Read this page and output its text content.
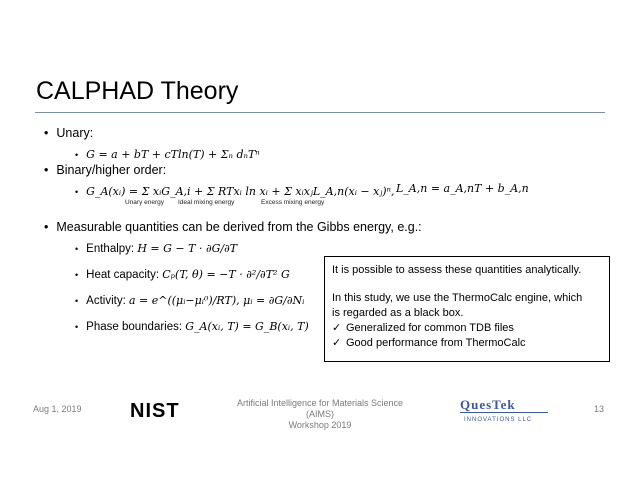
CALPHAD Theory
• Unary:
• G = a + bT + cTln(T) + Σₙ dₙTⁿ
• Binary/higher order:
• G_A(xᵢ) = Σ xᵢG_A,i + Σ RTxᵢ ln xᵢ + Σ xᵢxⱼL_A,n(xᵢ − xⱼ)ⁿ, L_A,n = a_A,nT + b_A,n
Unary energy Ideal mixing energy	Excess mixing energy
• Measurable quantities can be derived from the Gibbs energy, e.g.:
• Enthalpy: H = G − T · ∂G/∂T
• Heat capacity: Cₚ(T, θ) = −T · ∂²/∂T² G
• Activity: a = e^((μᵢ−μᵢ⁰)/RT), μᵢ = ∂G/∂Nᵢ
• Phase boundaries: G_A(xᵢ, T) = G_B(xᵢ, T)
It is possible to assess these quantities analytically.
In this study, we use the ThermoCalc engine, which
is regarded as a black box.
✓ Generalized for common TDB files
✓ Good performance from ThermoCalc
Aug 1, 2019 NIST	Artificial Intelligence for Materials Science (AIMS)
Workshop 2019
QuesTek
INNOVATIONS LLC
13
